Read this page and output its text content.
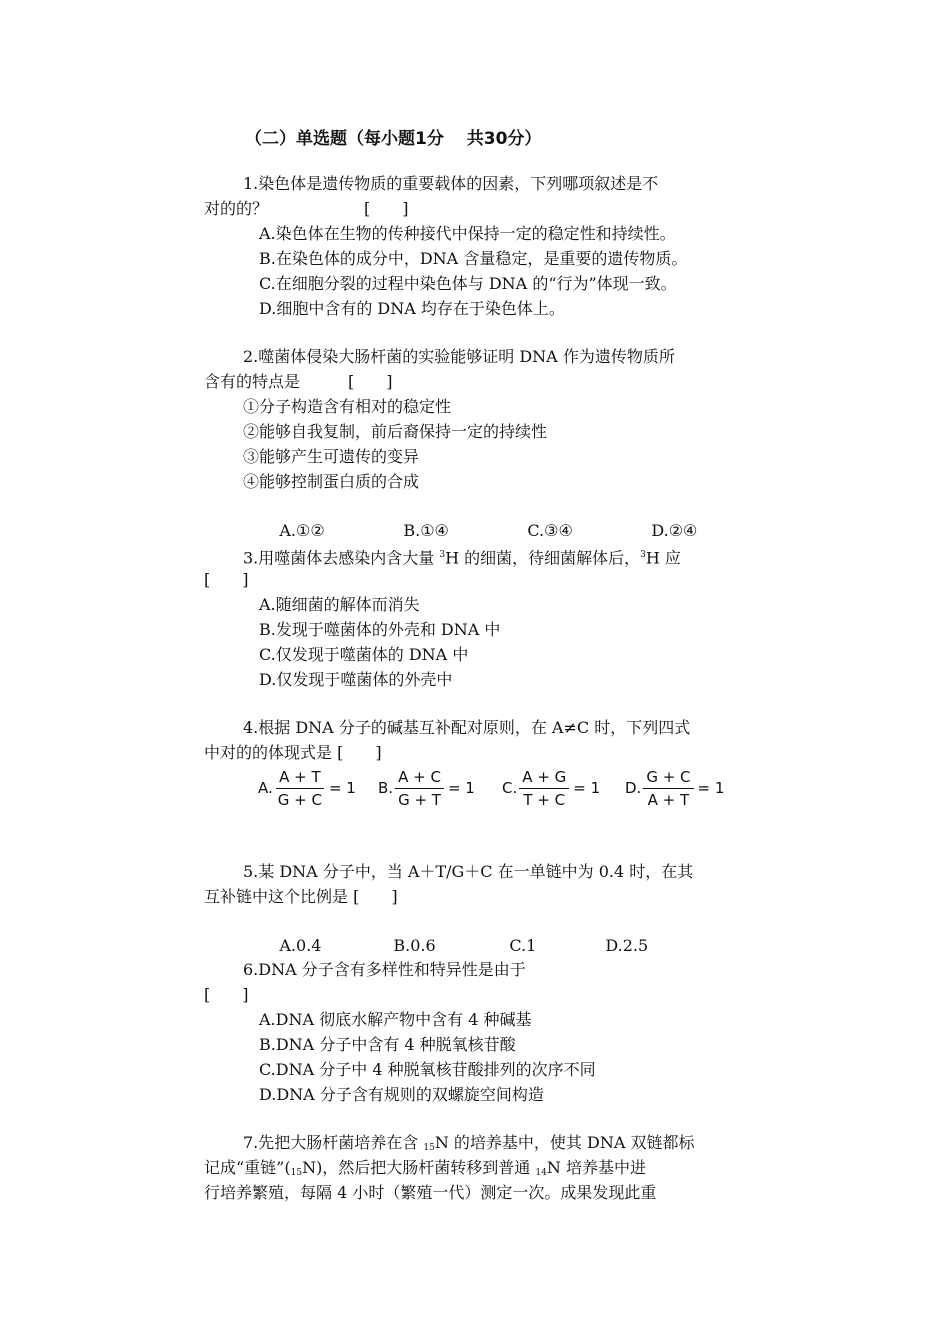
（二）单选题（每小题1分　 共30分）
1.染色体是遗传物质的重要载体的因素，下列哪项叙述是不
对的的？　　　　　　[　　]
A.染色体在生物的传种接代中保持一定的稳定性和持续性。
B.在染色体的成分中，DNA 含量稳定，是重要的遗传物质。
C.在细胞分裂的过程中染色体与 DNA 的“行为”体现一致。
D.细胞中含有的 DNA 均存在于染色体上。
2.噬菌体侵染大肠杆菌的实验能够证明 DNA 作为遗传物质所
含有的特点是　　　[　　]
①分子构造含有相对的稳定性
②能够自我复制，前后裔保持一定的持续性
③能够产生可遗传的变异
④能够控制蛋白质的合成

A.①②	B.①④	C.③④	D.②④

3.用噬菌体去感染内含大量 $^3$H 的细菌，待细菌解体后，$^3$H 应
[　　]
A.随细菌的解体而消失
B.发现于噬菌体的外壳和 DNA 中
C.仅发现于噬菌体的 DNA 中
D.仅发现于噬菌体的外壳中
4.根据 DNA 分子的碱基互补配对原则，在 A≠C 时，下列四式
中对的的体现式是 [　　]
A. $\frac{A + T}{G + C} = 1$ B. $\frac{A + C}{G + T} = 1$ C. $\frac{A + G}{T + C} = 1$ D. $\frac{G + C}{A + T} = 1$
5.某 DNA 分子中，当 A＋T/G＋C 在一单链中为 0.4 时，在其
互补链中这个比例是 [　　]

A.0.4	B.0.6	C.1	D.2.5

6.DNA 分子含有多样性和特异性是由于
[　　]
A.DNA 彻底水解产物中含有 4 种碱基
B.DNA 分子中含有 4 种脱氧核苷酸
C.DNA 分子中 4 种脱氧核苷酸排列的次序不同
D.DNA 分子含有规则的双螺旋空间构造
7.先把大肠杆菌培养在含 $_{15}$N 的培养基中，使其 DNA 双链都标
记成“重链$”(_{15}N)$，然后把大肠杆菌转移到普通 $_{14}$N 培养基中进
行培养繁殖，每隔 4 小时（繁殖一代）测定一次。成果发现此重
